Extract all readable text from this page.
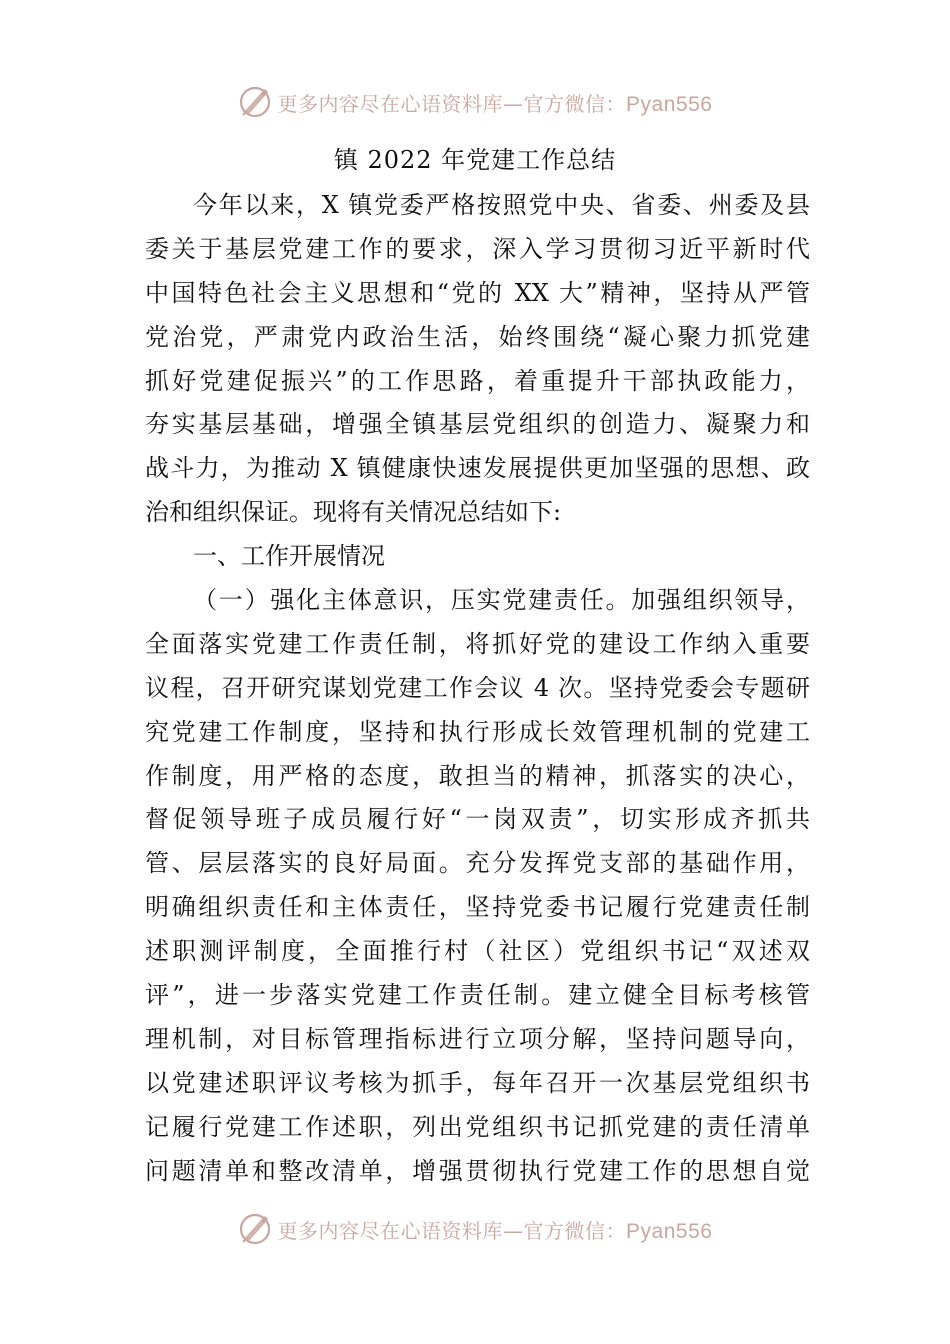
更多内容尽在心语资料库—官方微信：Pyan556
镇 2022 年党建工作总结
今年以来，X 镇党委严格按照党中央、省委、州委及县
委关于基层党建工作的要求，深入学习贯彻习近平新时代
中国特色社会主义思想和“党的 XX 大”精神，坚持从严管
党治党，严肃党内政治生活，始终围绕“凝心聚力抓党建
抓好党建促振兴”的工作思路，着重提升干部执政能力，
夯实基层基础，增强全镇基层党组织的创造力、凝聚力和
战斗力，为推动 X 镇健康快速发展提供更加坚强的思想、政
治和组织保证。现将有关情况总结如下:
一、工作开展情况
（一）强化主体意识，压实党建责任。加强组织领导，
全面落实党建工作责任制，将抓好党的建设工作纳入重要
议程，召开研究谋划党建工作会议 4 次。坚持党委会专题研
究党建工作制度，坚持和执行形成长效管理机制的党建工
作制度，用严格的态度，敢担当的精神，抓落实的决心，
督促领导班子成员履行好“一岗双责”，切实形成齐抓共
管、层层落实的良好局面。充分发挥党支部的基础作用，
明确组织责任和主体责任，坚持党委书记履行党建责任制
述职测评制度，全面推行村（社区）党组织书记“双述双
评”，进一步落实党建工作责任制。建立健全目标考核管
理机制，对目标管理指标进行立项分解，坚持问题导向，
以党建述职评议考核为抓手，每年召开一次基层党组织书
记履行党建工作述职，列出党组织书记抓党建的责任清单
问题清单和整改清单，增强贯彻执行党建工作的思想自觉
更多内容尽在心语资料库—官方微信：Pyan556
